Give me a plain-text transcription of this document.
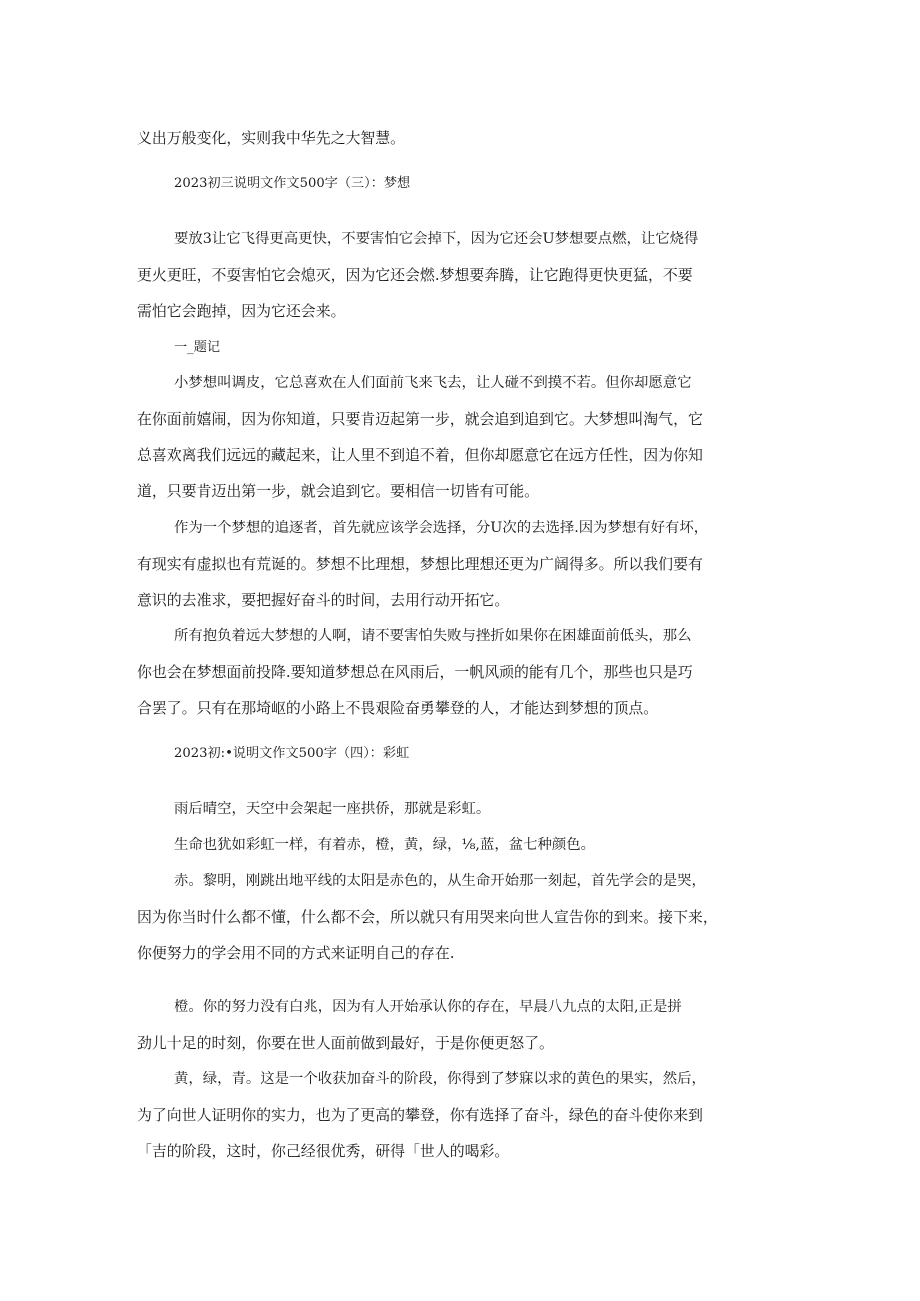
义出万般变化，实则我中华先之大智慧。

2023初三说明文作文500字（三）：梦想

要放3让它飞得更高更快，不要害怕它会掉下，因为它还会U梦想要点燃，让它烧得

更火更旺，不耍害怕它会熄灭，因为它还会燃.梦想要奔腾，让它跑得更快更猛，不要

需怕它会跑掉，因为它还会来。

一_题记

小梦想叫调皮，它总喜欢在人们面前飞来飞去，让人碰不到摸不若。但你却愿意它

在你面前嬉闹，因为你知道，只要肯迈起第一步，就会追到追到它。大梦想叫淘气，它

总喜欢离我们远远的藏起来，让人里不到追不着，但你却愿意它在远方任性，因为你知

道，只要肯迈出第一步，就会追到它。要相信一切皆有可能。

作为一个梦想的追逐者，首先就应该学会选择，分U次的去选择.因为梦想有好有坏，

有现实有虚拟也有荒诞的。梦想不比理想，梦想比理想还更为广阔得多。所以我们要有

意识的去准求，要把握好奋斗的时间，去用行动开拓它。

所有抱负着远大梦想的人啊，请不要害怕失败与挫折如果你在困雄面前低头，那么

你也会在梦想面前投降.要知道梦想总在风雨后，一帆风顽的能有几个，那些也只是巧

合罢了。只有在那埼岖的小路上不畏艰险奋勇攀登的人，才能达到梦想的顶点。

2023初:•说明文作文500字（四）：彩虹

雨后晴空，天空中会架起一座拱侨，那就是彩虹。

生命也犹如彩虹一样，有着赤，橙，黄，绿，⅛,蓝，盆七种颜色。

赤。黎明，刚跳出地平线的太阳是赤色的，从生命开始那一刻起，首先学会的是哭，

因为你当时什么都不懂，什么都不会，所以就只有用哭来向世人宣告你的到来。接下来，

你便努力的学会用不同的方式来证明自己的存在.

橙。你的努力没有白兆，因为有人开始承认你的存在，早晨八九点的太阳,正是拼

劲儿十足的时刻，你要在世人面前做到最好，于是你便更怒了。

黄，绿，青。这是一个收获加奋斗的阶段，你得到了梦寐以求的黄色的果实，然后，

为了向世人证明你的实力，也为了更高的攀登，你有选择了奋斗，绿色的奋斗使你来到

「吉的阶段，这时，你己经很优秀，研得「世人的喝彩。
